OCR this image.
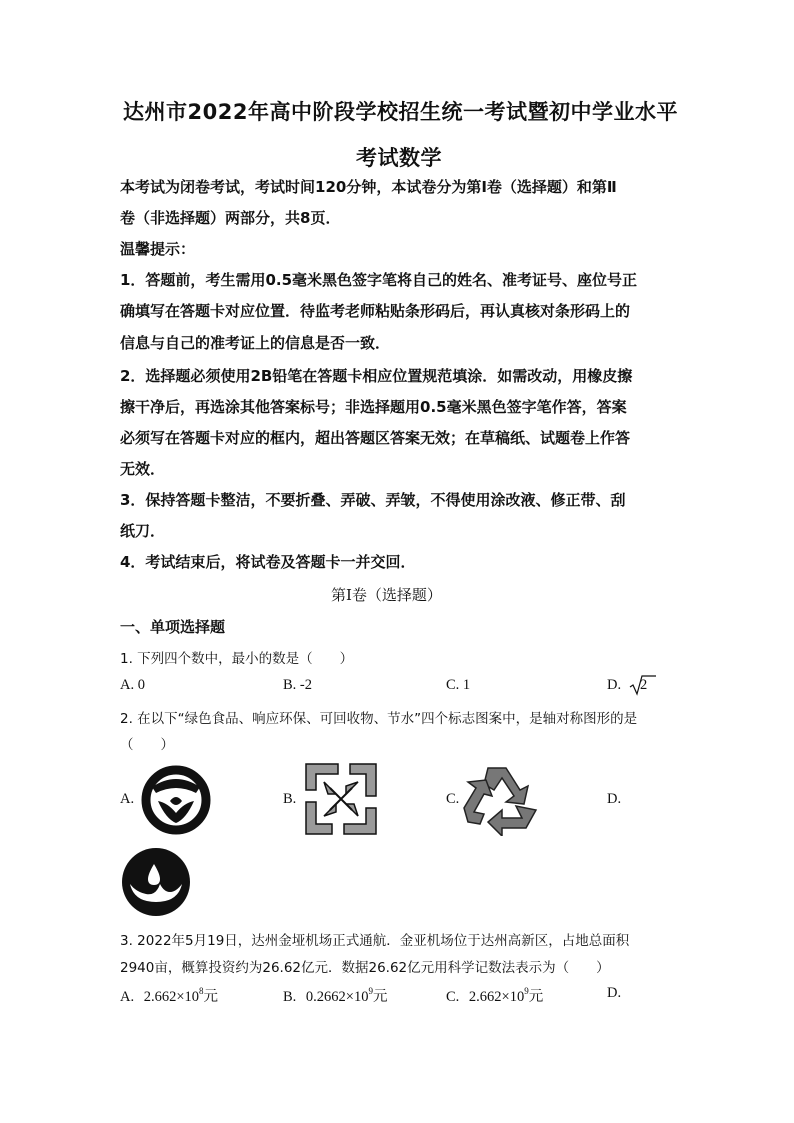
达州市2022年高中阶段学校招生统一考试暨初中学业水平
考试数学
本考试为闭卷考试，考试时间120分钟，本试卷分为第Ⅰ卷（选择题）和第Ⅱ
卷（非选择题）两部分，共8页．
温馨提示：
1．答题前，考生需用0.5毫米黑色签字笔将自己的姓名、准考证号、座位号正
确填写在答题卡对应位置．待监考老师粘贴条形码后，再认真核对条形码上的
信息与自己的准考证上的信息是否一致．
2．选择题必须使用2B铅笔在答题卡相应位置规范填涂．如需改动，用橡皮擦
擦干净后，再选涂其他答案标号；非选择题用0.5毫米黑色签字笔作答，答案
必须写在答题卡对应的框内，超出答题区答案无效；在草稿纸、试题卷上作答
无效．
3．保持答题卡整洁，不要折叠、弄破、弄皱，不得使用涂改液、修正带、刮
纸刀．
4．考试结束后，将试卷及答题卡一并交回．
第Ⅰ卷（选择题）
一、单项选择题
1. 下列四个数中，最小的数是（　　）
A. 0	B. -2	C. 1	D. 2
2. 在以下“绿色食品、响应环保、可回收物、节水”四个标志图案中，是轴对称图形的是
（　　）
A.	B.	C.	D.
3. 2022年5月19日，达州金垭机场正式通航．金亚机场位于达州高新区，占地总面积
2940亩，概算投资约为26.62亿元．数据26.62亿元用科学记数法表示为（　　）
A. $2.662\times 10^8$元	B. $0.2662\times 10^9$元	C. $2.662\times 10^9$元	D.
